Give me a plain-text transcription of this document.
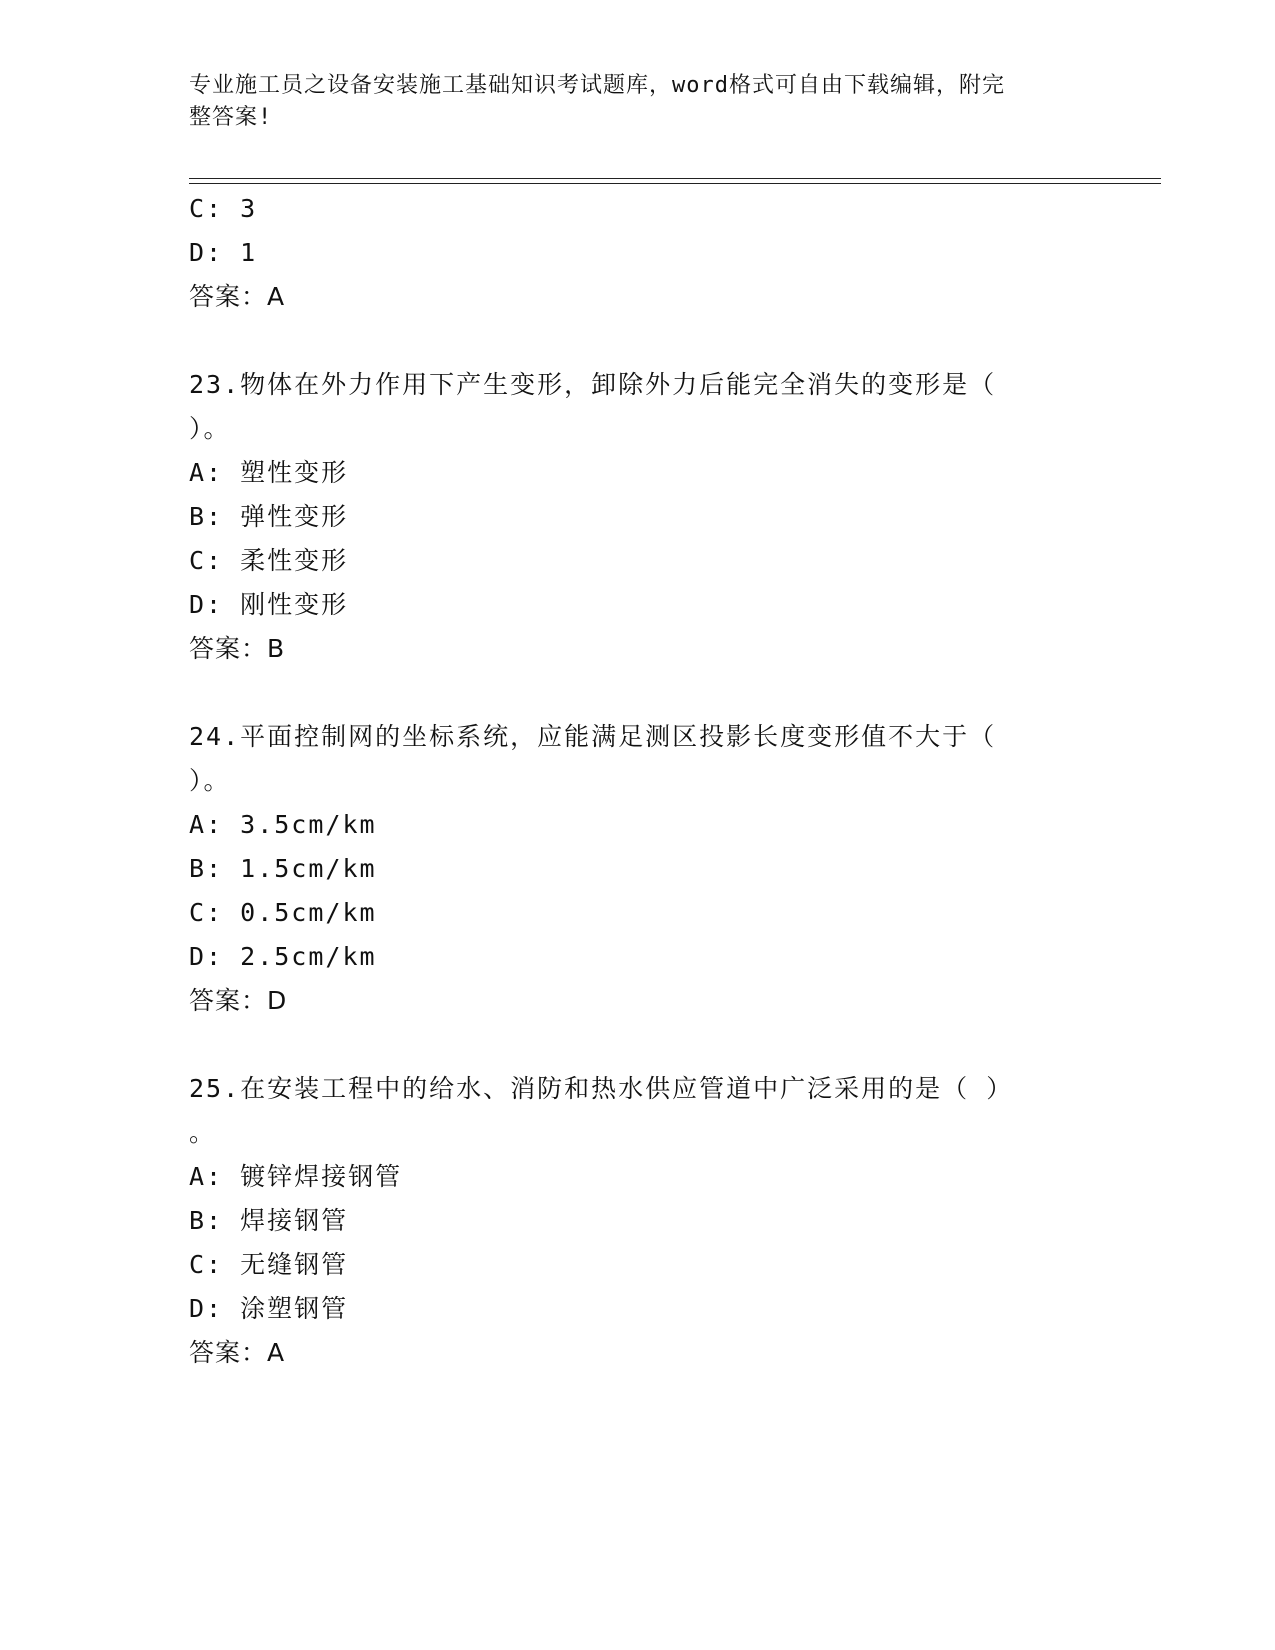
专业施工员之设备安装施工基础知识考试题库，word格式可自由下载编辑，附完
整答案!
C: 3
D: 1
答案：A
23.物体在外力作用下产生变形，卸除外力后能完全消失的变形是（
）。
A: 塑性变形
B: 弹性变形
C: 柔性变形
D: 刚性变形
答案：B
24.平面控制网的坐标系统，应能满足测区投影长度变形值不大于（
）。
A: 3.5cm/km
B: 1.5cm/km
C: 0.5cm/km
D: 2.5cm/km
答案：D
25.在安装工程中的给水、消防和热水供应管道中广泛采用的是（ ）
。
A: 镀锌焊接钢管
B: 焊接钢管
C: 无缝钢管
D: 涂塑钢管
答案：A
